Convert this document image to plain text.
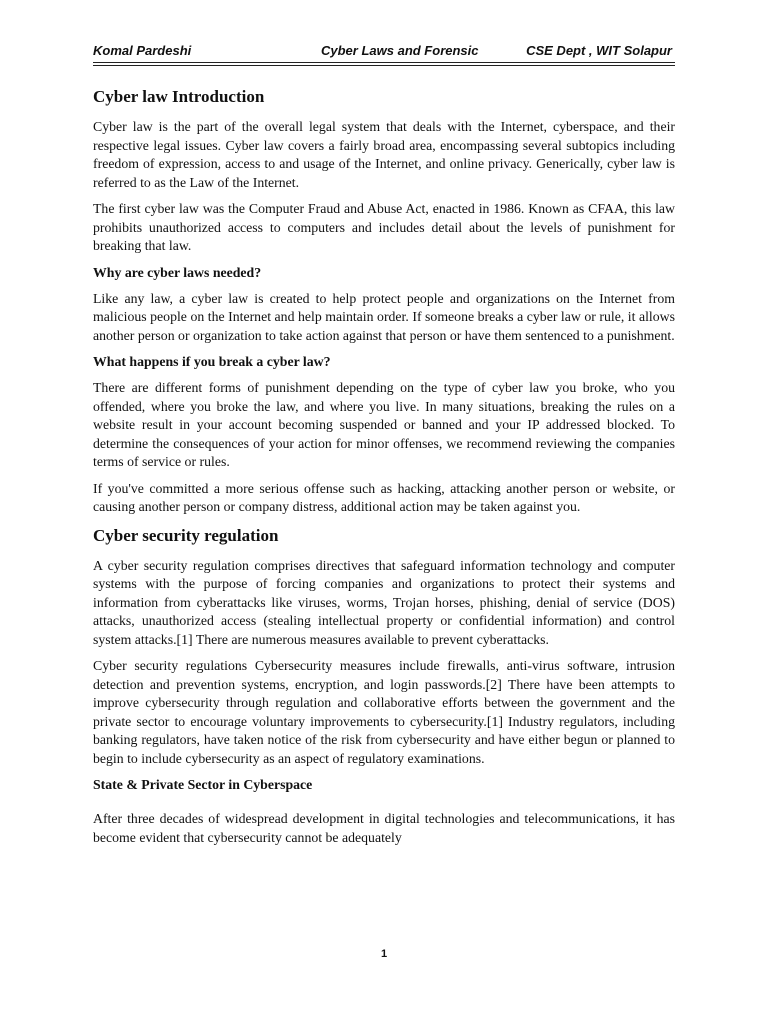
Komal Pardeshi	Cyber Laws and Forensic	CSE Dept , WIT Solapur
Cyber law Introduction

Cyber law is the part of the overall legal system that deals with the Internet, cyberspace, and their respective legal issues. Cyber law covers a fairly broad area, encompassing several subtopics including freedom of expression, access to and usage of the Internet, and online privacy. Generically, cyber law is referred to as the Law of the Internet.

The first cyber law was the Computer Fraud and Abuse Act, enacted in 1986. Known as CFAA, this law prohibits unauthorized access to computers and includes detail about the levels of punishment for breaking that law.

Why are cyber laws needed?

Like any law, a cyber law is created to help protect people and organizations on the Internet from malicious people on the Internet and help maintain order. If someone breaks a cyber law or rule, it allows another person or organization to take action against that person or have them sentenced to a punishment.

What happens if you break a cyber law?

There are different forms of punishment depending on the type of cyber law you broke, who you offended, where you broke the law, and where you live. In many situations, breaking the rules on a website result in your account becoming suspended or banned and your IP addressed blocked. To determine the consequences of your action for minor offenses, we recommend reviewing the companies terms of service or rules.

If you've committed a more serious offense such as hacking, attacking another person or website, or causing another person or company distress, additional action may be taken against you.

Cyber security regulation

A cyber security regulation comprises directives that safeguard information technology and computer systems with the purpose of forcing companies and organizations to protect their systems and information from cyberattacks like viruses, worms, Trojan horses, phishing, denial of service (DOS) attacks, unauthorized access (stealing intellectual property or confidential information) and control system attacks.[1] There are numerous measures available to prevent cyberattacks.

Cyber security regulations Cybersecurity measures include firewalls, anti-virus software, intrusion detection and prevention systems, encryption, and login passwords.[2] There have been attempts to improve cybersecurity through regulation and collaborative efforts between the government and the private sector to encourage voluntary improvements to cybersecurity.[1] Industry regulators, including banking regulators, have taken notice of the risk from cybersecurity and have either begun or planned to begin to include cybersecurity as an aspect of regulatory examinations.

State & Private Sector in Cyberspace

After three decades of widespread development in digital technologies and telecommunications, it has become evident that cybersecurity cannot be adequately

1
